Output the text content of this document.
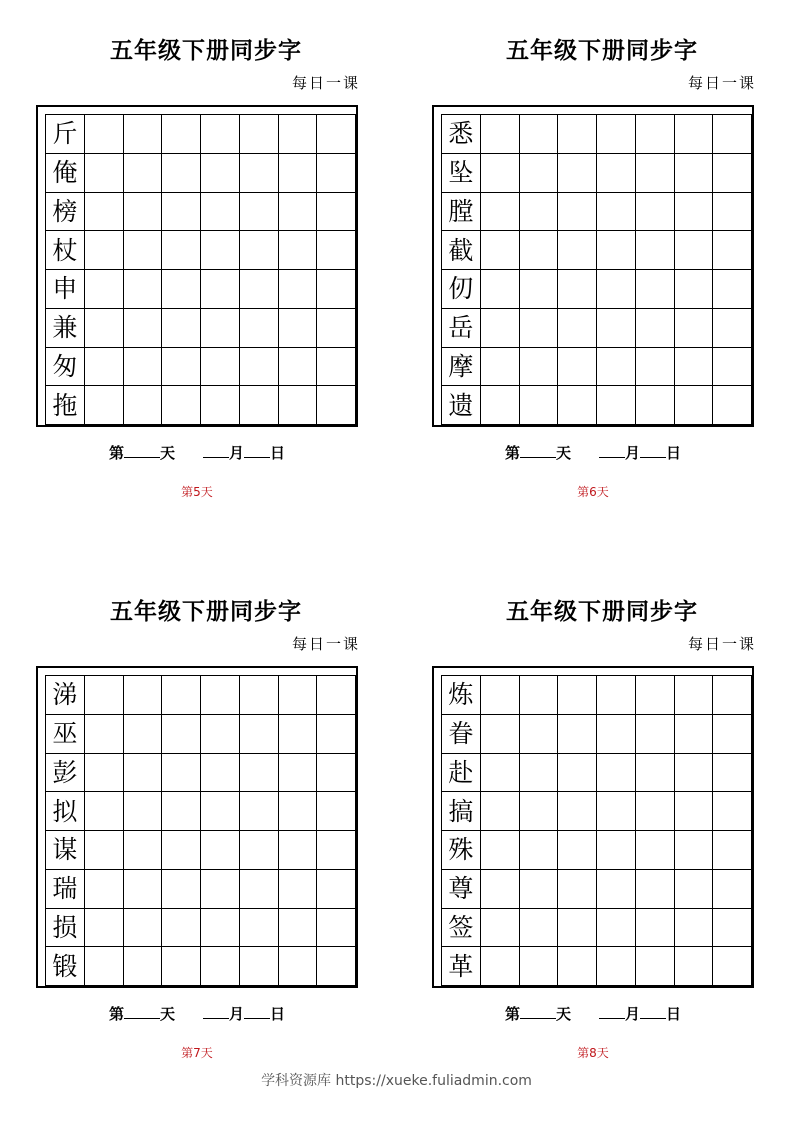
五年级下册同步字
每日一课
斤
俺
榜
杖
申
兼
匆
拖
第 天	月 日
第5天
五年级下册同步字
每日一课
悉
坠
膛
截
仞
岳
摩
遗
第 天	月 日
第6天
五年级下册同步字
每日一课
涕
巫
彭
拟
谋
瑞
损
锻
第 天	月 日
第7天
五年级下册同步字
每日一课
炼
眷
赴
搞
殊
尊
签
革
第 天	月 日
第8天
学科资源库 https://xueke.fuliadmin.com
